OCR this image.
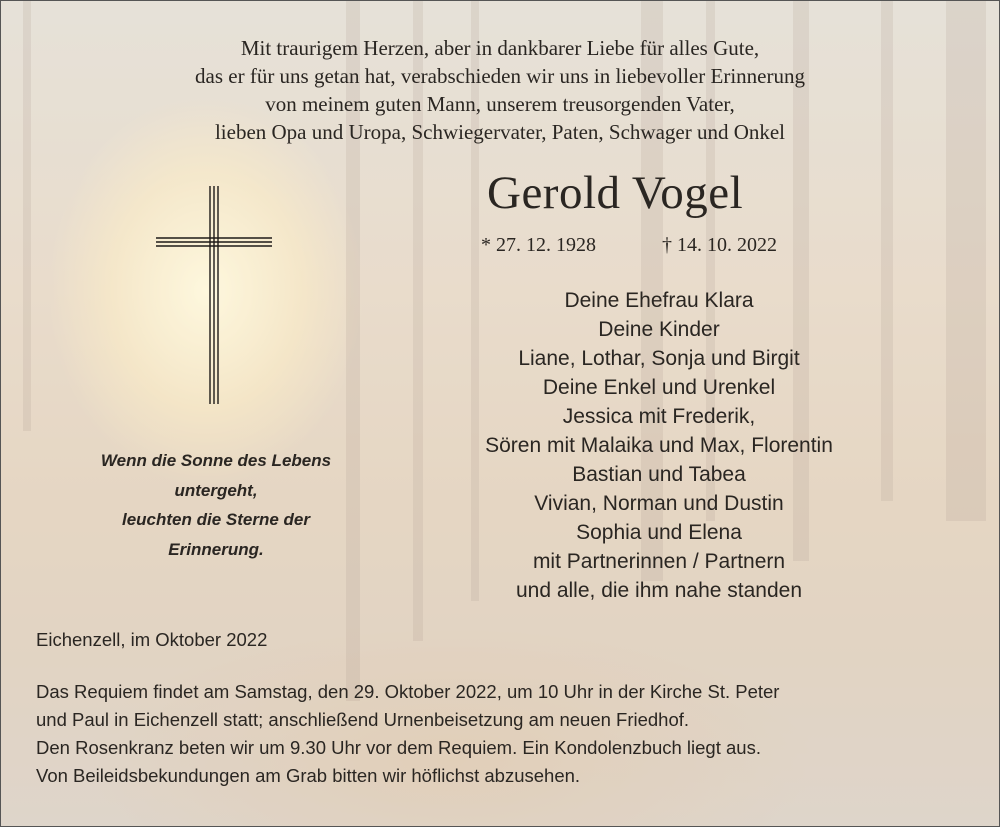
Mit traurigem Herzen, aber in dankbarer Liebe für alles Gute,
das er für uns getan hat, verabschieden wir uns in liebevoller Erinnerung
von meinem guten Mann, unserem treusorgenden Vater,
lieben Opa und Uropa, Schwiegervater, Paten, Schwager und Onkel
Gerold Vogel
* 27. 12. 1928	† 14. 10. 2022
Wenn die Sonne des Lebens
untergeht,
leuchten die Sterne der
Erinnerung.
Deine Ehefrau Klara
Deine Kinder
Liane, Lothar, Sonja und Birgit
Deine Enkel und Urenkel
Jessica mit Frederik,
Sören mit Malaika und Max, Florentin
Bastian und Tabea
Vivian, Norman und Dustin
Sophia und Elena
mit Partnerinnen / Partnern
und alle, die ihm nahe standen
Eichenzell, im Oktober 2022
Das Requiem findet am Samstag, den 29. Oktober 2022, um 10 Uhr in der Kirche St. Peter
und Paul in Eichenzell statt; anschließend Urnenbeisetzung am neuen Friedhof.
Den Rosenkranz beten wir um 9.30 Uhr vor dem Requiem. Ein Kondolenzbuch liegt aus.
Von Beileidsbekundungen am Grab bitten wir höflichst abzusehen.
